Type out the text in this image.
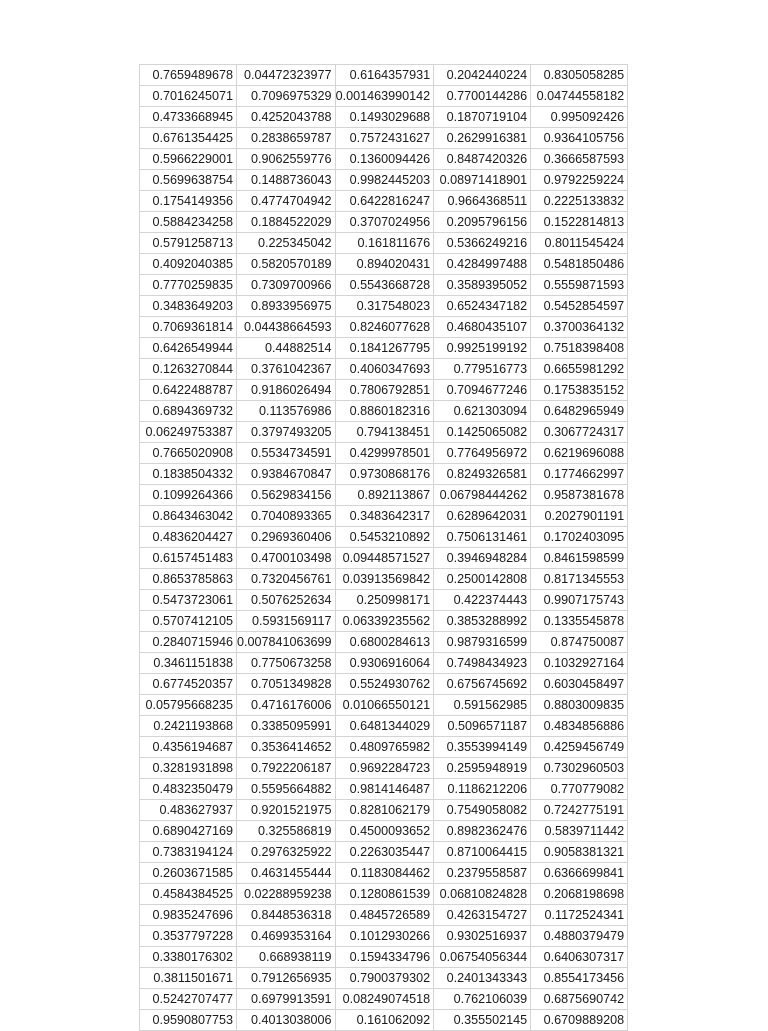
0.7659489678	0.04472323977	0.6164357931	0.2042440224	0.8305058285
0.7016245071	0.7096975329	0.001463990142	0.7700144286	0.04744558182
0.4733668945	0.4252043788	0.1493029688	0.1870719104	0.995092426
0.6761354425	0.2838659787	0.7572431627	0.2629916381	0.9364105756
0.5966229001	0.9062559776	0.1360094426	0.8487420326	0.3666587593
0.5699638754	0.1488736043	0.9982445203	0.08971418901	0.9792259224
0.1754149356	0.4774704942	0.6422816247	0.9664368511	0.2225133832
0.5884234258	0.1884522029	0.3707024956	0.2095796156	0.1522814813
0.5791258713	0.225345042	0.161811676	0.5366249216	0.8011545424
0.4092040385	0.5820570189	0.894020431	0.4284997488	0.5481850486
0.7770259835	0.7309700966	0.5543668728	0.3589395052	0.5559871593
0.3483649203	0.8933956975	0.317548023	0.6524347182	0.5452854597
0.7069361814	0.04438664593	0.8246077628	0.4680435107	0.3700364132
0.6426549944	0.44882514	0.1841267795	0.9925199192	0.7518398408
0.1263270844	0.3761042367	0.4060347693	0.779516773	0.6655981292
0.6422488787	0.9186026494	0.7806792851	0.7094677246	0.1753835152
0.6894369732	0.113576986	0.8860182316	0.621303094	0.6482965949
0.06249753387	0.3797493205	0.794138451	0.1425065082	0.3067724317
0.7665020908	0.5534734591	0.4299978501	0.7764956972	0.6219696088
0.1838504332	0.9384670847	0.9730868176	0.8249326581	0.1774662997
0.1099264366	0.5629834156	0.892113867	0.06798444262	0.9587381678
0.8643463042	0.7040893365	0.3483642317	0.6289642031	0.2027901191
0.4836204427	0.2969360406	0.5453210892	0.7506131461	0.1702403095
0.6157451483	0.4700103498	0.09448571527	0.3946948284	0.8461598599
0.8653785863	0.7320456761	0.03913569842	0.2500142808	0.8171345553
0.5473723061	0.5076252634	0.250998171	0.422374443	0.9907175743
0.5707412105	0.5931569117	0.06339235562	0.3853288992	0.1335545878
0.2840715946	0.007841063699	0.6800284613	0.9879316599	0.874750087
0.3461151838	0.7750673258	0.9306916064	0.7498434923	0.1032927164
0.6774520357	0.7051349828	0.5524930762	0.6756745692	0.6030458497
0.05795668235	0.4716176006	0.01066550121	0.591562985	0.8803009835
0.2421193868	0.3385095991	0.6481344029	0.5096571187	0.4834856886
0.4356194687	0.3536414652	0.4809765982	0.3553994149	0.4259456749
0.3281931898	0.7922206187	0.9692284723	0.2595948919	0.7302960503
0.4832350479	0.5595664882	0.9814146487	0.1186212206	0.770779082
0.483627937	0.9201521975	0.8281062179	0.7549058082	0.7242775191
0.6890427169	0.325586819	0.4500093652	0.8982362476	0.5839711442
0.7383194124	0.2976325922	0.2263035447	0.8710064415	0.9058381321
0.2603671585	0.4631455444	0.1183084462	0.2379558587	0.6366699841
0.4584384525	0.02288959238	0.1280861539	0.06810824828	0.2068198698
0.9835247696	0.8448536318	0.4845726589	0.4263154727	0.1172524341
0.3537797228	0.4699353164	0.1012930266	0.9302516937	0.4880379479
0.3380176302	0.668938119	0.1594334796	0.06754056344	0.6406307317
0.3811501671	0.7912656935	0.7900379302	0.2401343343	0.8554173456
0.5242707477	0.6979913591	0.08249074518	0.762106039	0.6875690742
0.9590807753	0.4013038006	0.161062092	0.355502145	0.6709889208
